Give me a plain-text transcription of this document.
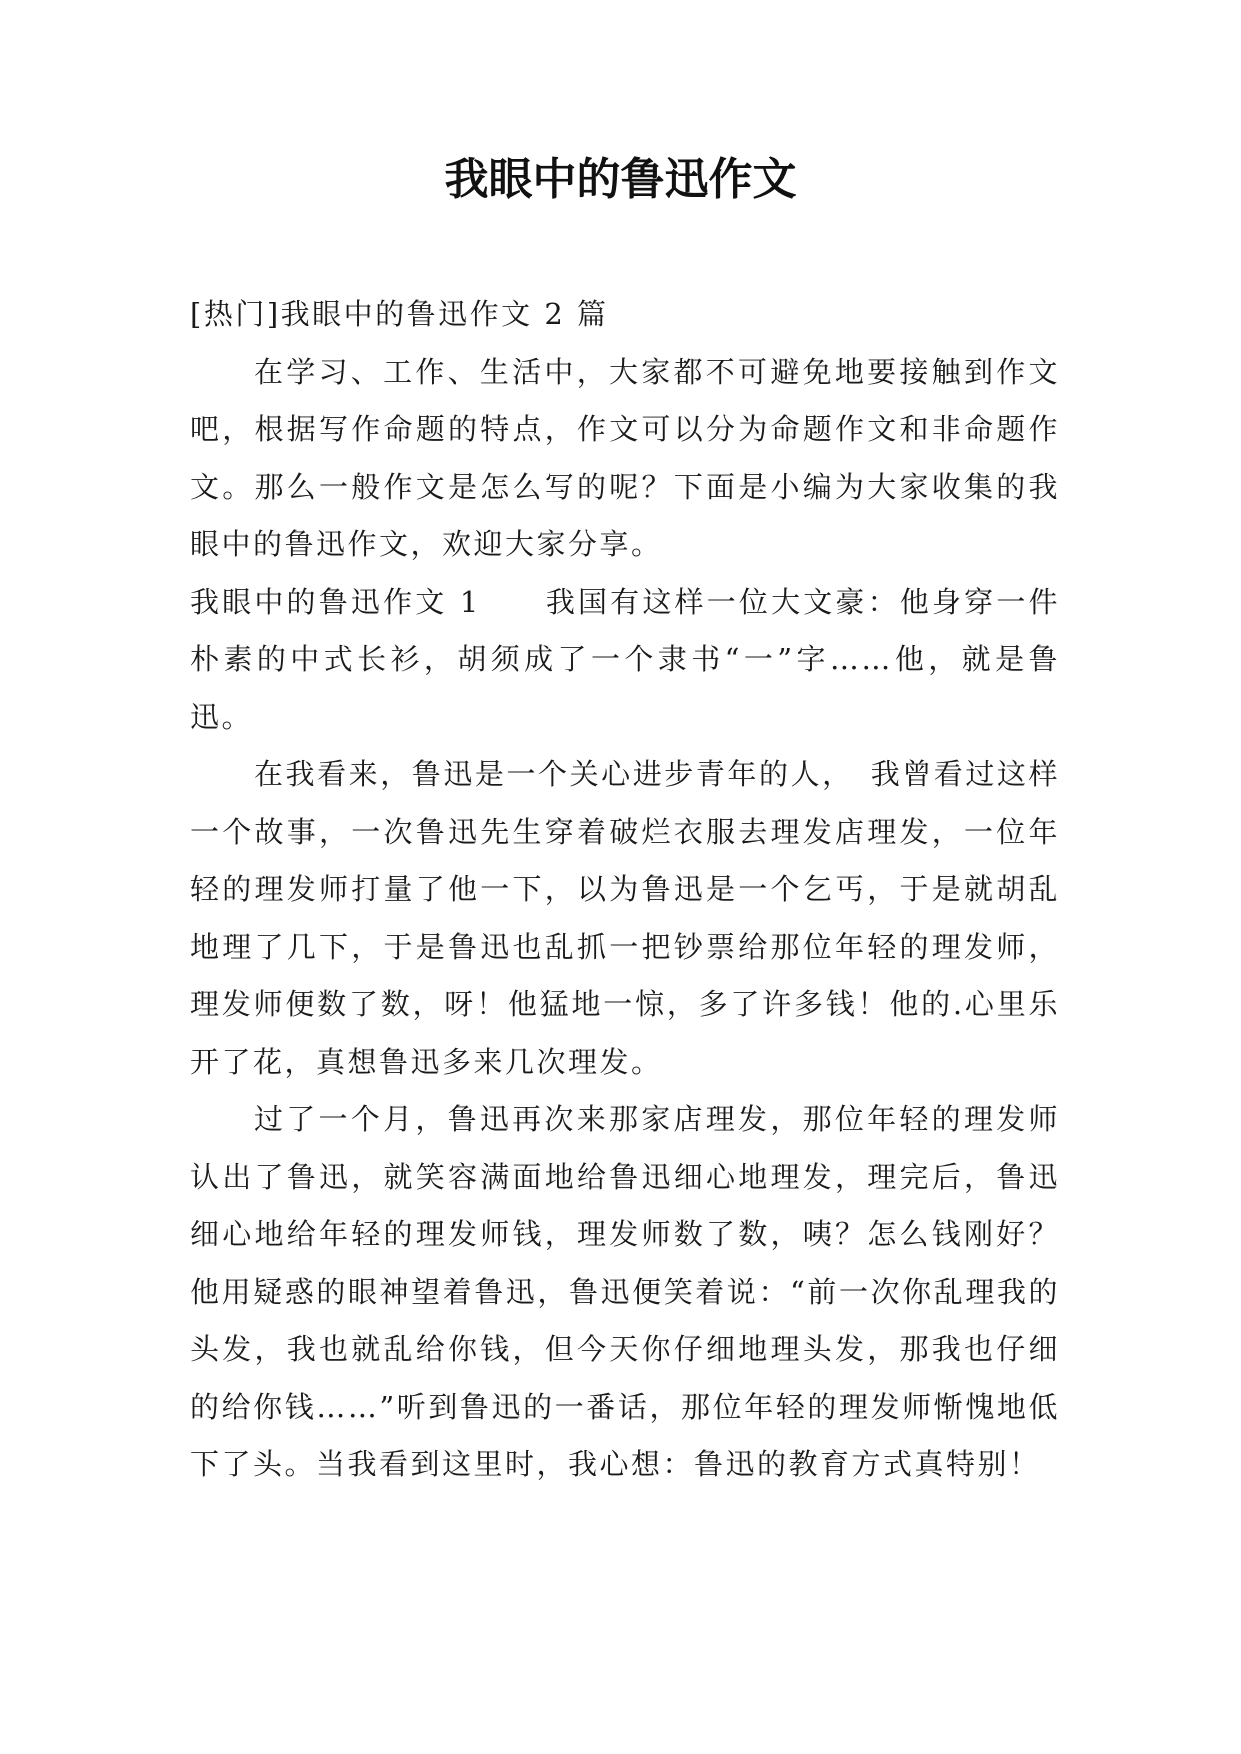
我眼中的鲁迅作文

[热门]我眼中的鲁迅作文 2 篇

在学习、工作、生活中，大家都不可避免地要接触到作文吧，根据写作命题的特点，作文可以分为命题作文和非命题作文。那么一般作文是怎么写的呢？下面是小编为大家收集的我眼中的鲁迅作文，欢迎大家分享。

我眼中的鲁迅作文 1　　我国有这样一位大文豪：他身穿一件朴素的中式长衫，胡须成了一个隶书“一”字……他，就是鲁迅。

在我看来，鲁迅是一个关心进步青年的人，　我曾看过这样一个故事，一次鲁迅先生穿着破烂衣服去理发店理发，一位年轻的理发师打量了他一下，以为鲁迅是一个乞丐，于是就胡乱地理了几下，于是鲁迅也乱抓一把钞票给那位年轻的理发师，理发师便数了数，呀！他猛地一惊，多了许多钱！他的.心里乐开了花，真想鲁迅多来几次理发。

过了一个月，鲁迅再次来那家店理发，那位年轻的理发师认出了鲁迅，就笑容满面地给鲁迅细心地理发，理完后，鲁迅细心地给年轻的理发师钱，理发师数了数，咦？怎么钱刚好？他用疑惑的眼神望着鲁迅，鲁迅便笑着说：“前一次你乱理我的头发，我也就乱给你钱，但今天你仔细地理头发，那我也仔细的给你钱……”听到鲁迅的一番话，那位年轻的理发师惭愧地低下了头。当我看到这里时，我心想：鲁迅的教育方式真特别！
